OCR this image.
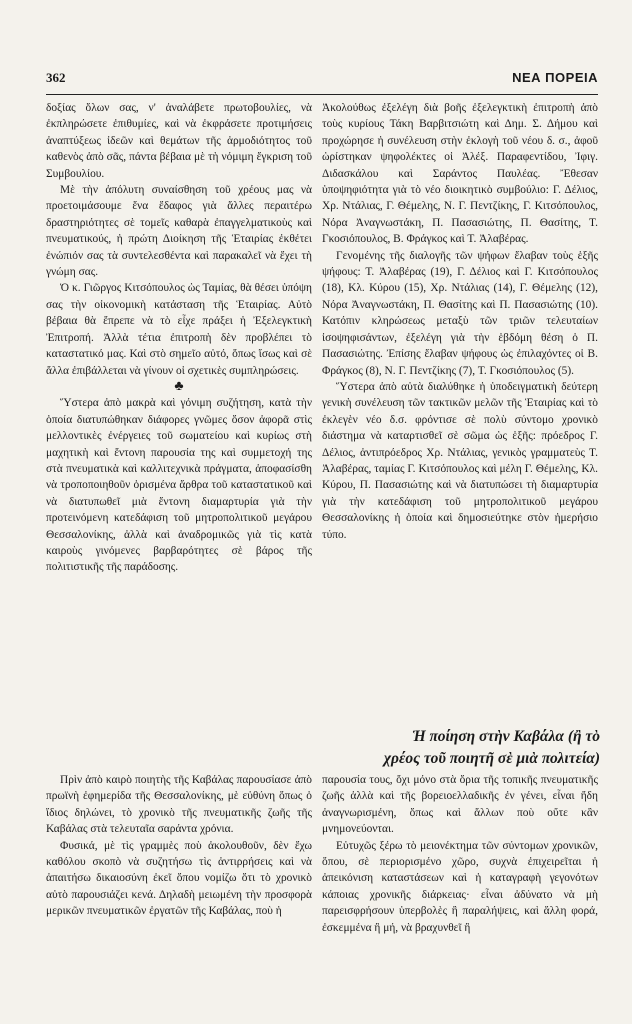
362	ΝΕΑ ΠΟΡΕΙΑ

δοξίας ὅλων σας, ν' ἀναλάβετε πρωτοβουλίες, νὰ ἐκπληρώσετε ἐπιθυμίες, καὶ νὰ ἐκφράσετε προτιμήσεις ἀναπτύξεως ἰδεῶν καὶ θεμάτων τῆς ἁρμοδιότητος τοῦ καθενὸς ἀπὸ σᾶς, πάντα βέβαια μὲ τὴ νόμιμη ἔγκριση τοῦ Συμβουλίου.

Μὲ τὴν ἀπόλυτη συναίσθηση τοῦ χρέους μας νὰ προετοιμάσουμε ἕνα ἔδαφος γιὰ ἄλλες περαιτέρω δραστηριότητες σὲ τομεῖς καθαρὰ ἐπαγγελματικοὺς καὶ πνευματικούς, ἡ πρώτη Διοίκηση τῆς Ἑταιρίας ἐκθέτει ἐνώπιόν σας τὰ συντελεσθέντα καὶ παρακαλεῖ νὰ ἔχει τὴ γνώμη σας.

Ὁ κ. Γιῶργος Κιτσόπουλος ὡς Ταμίας, θὰ θέσει ὑπόψη σας τὴν οἰκονομικὴ κατάσταση τῆς Ἑταιρίας. Αὐτὸ βέβαια θὰ ἔπρεπε νὰ τὸ εἶχε πράξει ἡ Ἐξελεγκτικὴ Ἐπιτροπή. Ἀλλὰ τέτια ἐπιτροπὴ δὲν προβλέπει τὸ καταστατικό μας. Καὶ στὸ σημεῖο αὐτό, ὅπως ἴσως καὶ σὲ ἄλλα ἐπιβάλλεται νὰ γίνουν οἱ σχετικὲς συμπληρώσεις.

♣

Ὕστερα ἀπὸ μακρὰ καὶ γόνιμη συζήτηση, κατὰ τὴν ὁποία διατυπώθηκαν διάφορες γνῶμες ὅσον ἀφορᾶ στὶς μελλοντικὲς ἐνέργειες τοῦ σωματείου καὶ κυρίως στὴ μαχητικὴ καὶ ἔντονη παρουσία της καὶ συμμετοχή της στὰ πνευματικὰ καὶ καλλιτεχνικὰ πράγματα, ἀποφασίσθη νὰ τροποποιηθοῦν ὁρισμένα ἄρθρα τοῦ καταστατικοῦ καὶ νὰ διατυπωθεῖ μιὰ ἔντονη διαμαρτυρία γιὰ τὴν προτεινόμενη κατεδάφιση τοῦ μητροπολιτικοῦ μεγάρου Θεσσαλονίκης, ἀλλὰ καὶ ἀναδρομικῶς γιὰ τὶς κατὰ καιροὺς γινόμενες βαρβαρότητες σὲ βάρος τῆς πολιτιστικῆς τῆς παράδοσης.

Ἀκολούθως ἐξελέγη διὰ βοῆς ἐξελεγκτικὴ ἐπιτροπὴ ἀπὸ τοὺς κυρίους Τάκη Βαρβιτσιώτη καὶ Δημ. Σ. Δήμου καὶ προχώρησε ἡ συνέλευση στὴν ἐκλογὴ τοῦ νέου δ. σ., ἀφοῦ ὡρίστηκαν ψηφολέκτες οἱ Ἀλέξ. Παραφεντίδου, Ἰφιγ. Διδασκάλου καὶ Σαράντος Παυλέας. Ἔθεσαν ὑποψηφιότητα γιὰ τὸ νέο διοικητικὸ συμβούλιο: Γ. Δέλιος, Χρ. Ντάλιας, Γ. Θέμελης, Ν. Γ. Πεντζίκης, Γ. Κιτσόπουλος, Νόρα Ἀναγνωστάκη, Π. Πασασιώτης, Π. Θασίτης, Τ. Γκοσιόπουλος, Β. Φράγκος καὶ Τ. Ἀλαβέρας.

Γενομένης τῆς διαλογῆς τῶν ψήφων ἔλαβαν τοὺς ἑξῆς ψήφους: Τ. Ἀλαβέρας (19), Γ. Δέλιος καὶ Γ. Κιτσόπουλος (18), Κλ. Κύρου (15), Χρ. Ντάλιας (14), Γ. Θέμελης (12), Νόρα Ἀναγνωστάκη, Π. Θασίτης καὶ Π. Πασασιώτης (10). Κατόπιν κληρώσεως μεταξὺ τῶν τριῶν τελευταίων ἰσοψηφισάντων, ἐξελέγη γιὰ τὴν ἑβδόμη θέση ὁ Π. Πασασιώτης. Ἐπίσης ἔλαβαν ψήφους ὡς ἐπιλαχόντες οἱ Β. Φράγκος (8), Ν. Γ. Πεντζίκης (7), Τ. Γκοσιόπουλος (5).

Ὕστερα ἀπὸ αὐτὰ διαλύθηκε ἡ ὑποδειγματικὴ δεύτερη γενικὴ συνέλευση τῶν τακτικῶν μελῶν τῆς Ἑταιρίας καὶ τὸ ἐκλεγὲν νέο δ.σ. φρόντισε σὲ πολὺ σύντομο χρονικὸ διάστημα νὰ καταρτισθεῖ σὲ σῶμα ὡς ἑξῆς: πρόεδρος Γ. Δέλιος, ἀντιπρόεδρος Χρ. Ντάλιας, γενικὸς γραμματεὺς Τ. Ἀλαβέρας, ταμίας Γ. Κιτσόπουλος καὶ μέλη Γ. Θέμελης, Κλ. Κύρου, Π. Πασασιώτης καὶ νὰ διατυπώσει τὴ διαμαρτυρία γιὰ τὴν κατεδάφιση τοῦ μητροπολιτικοῦ μεγάρου Θεσσαλονίκης ἡ ὁποία καὶ δημοσιεύτηκε στὸν ἡμερήσιο τύπο.

Ἡ ποίηση στὴν Καβάλα (ἢ τὸ
χρέος τοῦ ποιητῆ σὲ μιὰ πολιτεία)

Πρὶν ἀπὸ καιρὸ ποιητὴς τῆς Καβάλας παρουσίασε ἀπὸ πρωϊνὴ ἐφημερίδα τῆς Θεσσαλονίκης, μὲ εὐθύνη ὅπως ὁ ἴδιος δηλώνει, τὸ χρονικὸ τῆς πνευματικῆς ζωῆς τῆς Καβάλας στὰ τελευταῖα σαράντα χρόνια.

Φυσικά, μὲ τὶς γραμμὲς ποὺ ἀκολουθοῦν, δὲν ἔχω καθόλου σκοπὸ νὰ συζητήσω τὶς ἀντιρρήσεις καὶ νὰ ἀπαιτήσω δικαιοσύνη ἐκεῖ ὅπου νομίζω ὅτι τὸ χρονικὸ αὐτὸ παρουσιάζει κενά. Δηλαδὴ μειωμένη τὴν προσφορὰ μερικῶν πνευματικῶν ἐργατῶν τῆς Καβάλας, ποὺ ἡ

παρουσία τους, ὄχι μόνο στὰ ὅρια τῆς τοπικῆς πνευματικῆς ζωῆς ἀλλὰ καὶ τῆς βορειοελλαδικῆς ἐν γένει, εἶναι ἤδη ἀναγνωρισμένη, ὅπως καὶ ἄλλων ποὺ οὔτε κἂν μνημονεύονται.

Εὐτυχῶς ξέρω τὸ μειονέκτημα τῶν σύντομων χρονικῶν, ὅπου, σὲ περιορισμένο χῶρο, συχνὰ ἐπιχειρεῖται ἡ ἀπεικόνιση καταστάσεων καὶ ἡ καταγραφὴ γεγονότων κάποιας χρονικῆς διάρκειας· εἶναι ἀδύνατο νὰ μὴ παρεισφρήσουν ὑπερβολὲς ἢ παραλήψεις, καὶ ἄλλη φορά, ἐσκεμμένα ἢ μή, νὰ βραχυνθεῖ ἢ
